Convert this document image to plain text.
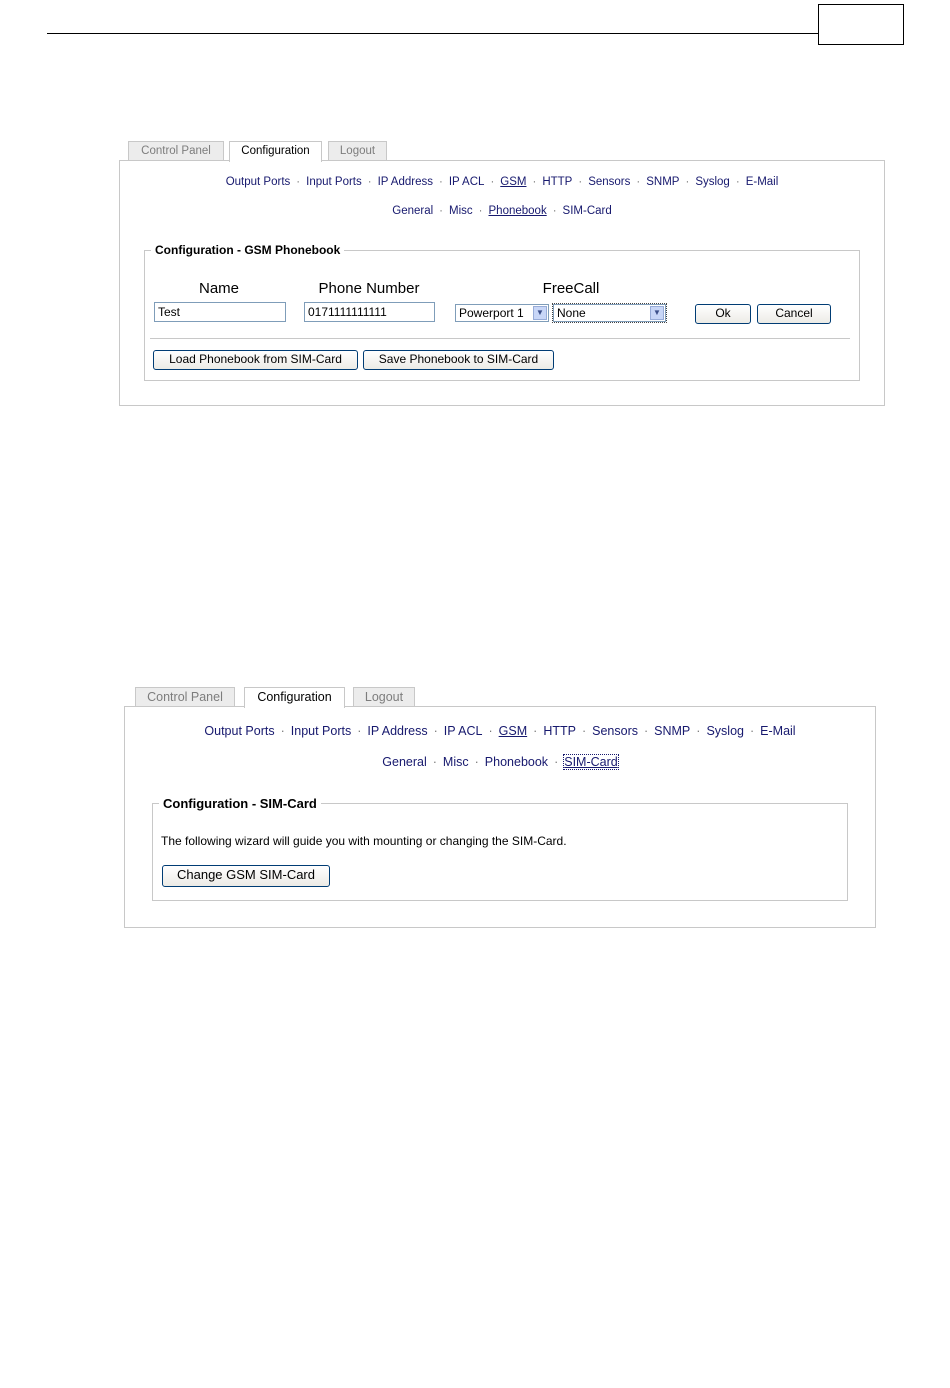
Control Panel	Configuration	Logout
Output Ports · Input Ports · IP Address · IP ACL · GSM · HTTP · Sensors · SNMP · Syslog · E-Mail
General · Misc · Phonebook · SIM-Card
Configuration - GSM Phonebook
Name	Phone Number	FreeCall
Test	0171111111111	Powerport 1	▼	None	▼	Ok	Cancel
Load Phonebook from SIM-Card	Save Phonebook to SIM-Card
Control Panel	Configuration	Logout
Output Ports · Input Ports · IP Address · IP ACL · GSM · HTTP · Sensors · SNMP · Syslog · E-Mail
General · Misc · Phonebook · SIM-Card
Configuration - SIM-Card
The following wizard will guide you with mounting or changing the SIM-Card.
Change GSM SIM-Card
